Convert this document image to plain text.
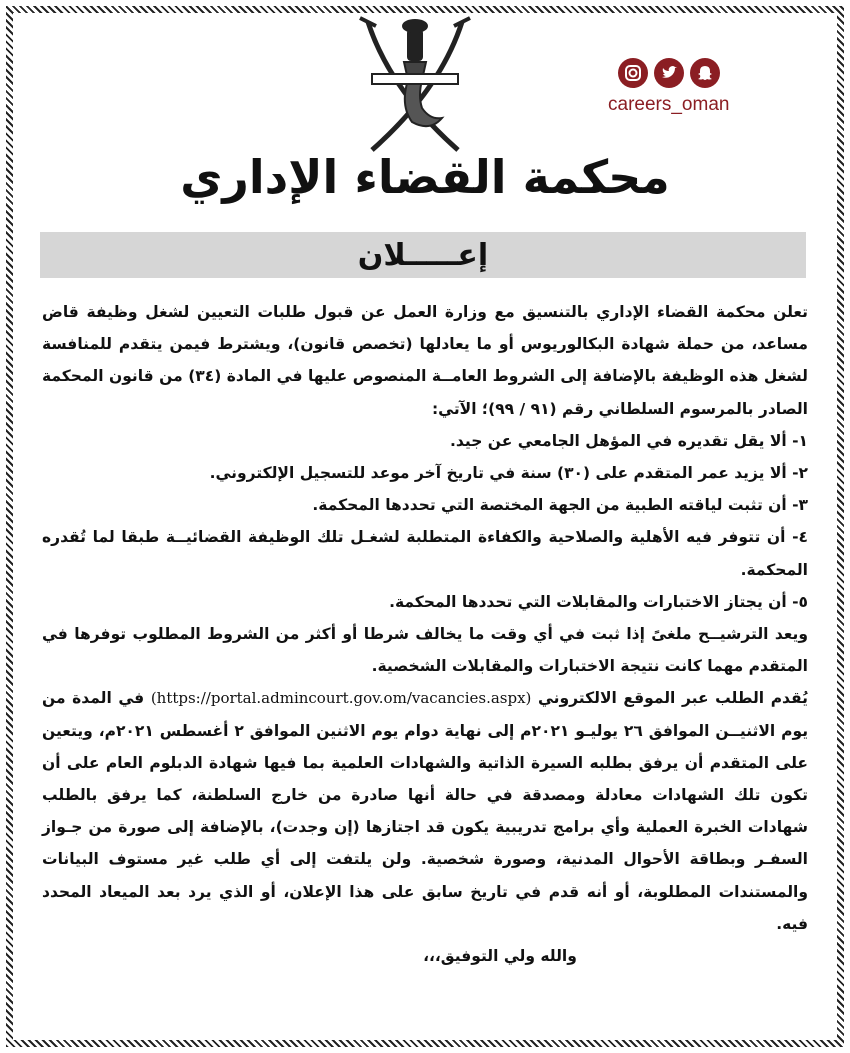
careers_oman
محكمة القضاء الإداري
إعـــــلان

تعلن محكمة القضاء الإداري بالتنسيق مع وزارة العمل عن قبول طلبات التعيين لشغل وظيفة قاض مساعد، من حملة شهادة البكالوريوس أو ما يعادلها (تخصص قانون)، ويشترط فيمن يتقدم للمنافسة لشغل هذه الوظيفة بالإضافة إلى الشروط العامــة المنصوص عليها في المادة (٣٤) من قانون المحكمة الصادر بالمرسوم السلطاني رقم (٩١ / ٩٩)؛ الآتي:

١- ألا يقل تقديره في المؤهل الجامعي عن جيد.

٢- ألا يزيد عمر المتقدم على (٣٠) سنة في تاريخ آخر موعد للتسجيل الإلكتروني.

٣- أن تثبت لياقته الطبية من الجهة المختصة التي تحددها المحكمة.

٤- أن تتوفر فيه الأهلية والصلاحية والكفاءة المتطلبة لشغـل تلك الوظيفة القضائيــة طبقا لما تُقدره المحكمة.

٥- أن يجتاز الاختبارات والمقابلات التي تحددها المحكمة.

ويعد الترشيــح ملغىً إذا ثبت في أي وقت ما يخالف شرطا أو أكثر من الشروط المطلوب توفرها في المتقدم مهما كانت نتيجة الاختبارات والمقابلات الشخصية.

يُقدم الطلب عبر الموقع الالكتروني (https://portal.admincourt.gov.om/vacancies.aspx) في المدة من يوم الاثنيــن الموافق ٢٦ يوليـو ٢٠٢١م إلى نهاية دوام يوم الاثنين الموافق ٢ أغسطس ٢٠٢١م، ويتعين على المتقدم أن يرفق بطلبه السيرة الذاتية والشهادات العلمية بما فيها شهادة الدبلوم العام على أن تكون تلك الشهادات معادلة ومصدقة في حالة أنها صادرة من خارج السلطنة، كما يرفق بالطلب شهادات الخبرة العملية وأي برامج تدريبية يكون قد اجتازها (إن وجدت)، بالإضافة إلى صورة من جـواز السفـر وبطاقة الأحوال المدنية، وصورة شخصية. ولن يلتفت إلى أي طلب غير مستوف البيانات والمستندات المطلوبة، أو أنه قدم في تاريخ سابق على هذا الإعلان، أو الذي يرد بعد الميعاد المحدد فيه.

والله ولي التوفيق،،،
